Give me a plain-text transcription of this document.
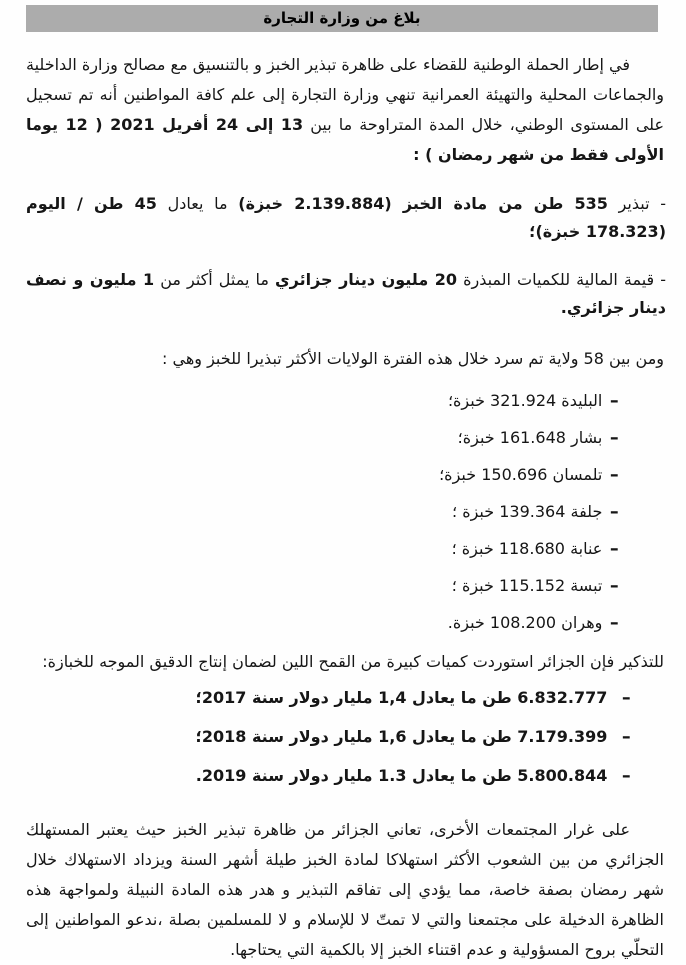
بلاغ من وزارة التجارة

في إطار الحملة الوطنية للقضاء على ظاهرة تبذير الخبز و بالتنسيق مع مصالح وزارة الداخلية والجماعات المحلية والتهيئة العمرانية تنهي وزارة التجارة إلى علم كافة المواطنين أنه تم تسجيل على المستوى الوطني، خلال المدة المتراوحة ما بين 13 إلى 24 أفريل 2021 ( 12 يوما الأولى فقط من شهر رمضان ) :

- تبذير 535 طن من مادة الخبز (2.139.884 خبزة) ما يعادل 45 طن / اليوم (178.323 خبزة)؛

- قيمة المالية للكميات المبذرة 20 مليون دينار جزائري ما يمثل أكثر من 1 مليون و نصف دينار جزائري.

ومن بين 58 ولاية تم سرد خلال هذه الفترة الولايات الأكثر تبذيرا للخبز وهي :

-
البليدة 321.924 خبزة؛
-
بشار 161.648 خبزة؛
-
تلمسان 150.696 خبزة؛
-
جلفة 139.364 خبزة ؛
-
عنابة 118.680 خبزة ؛
-
تبسة 115.152 خبزة ؛
-
وهران 108.200 خبزة.

للتذكير فإن الجزائر استوردت كميات كبيرة من القمح اللين لضمان إنتاج الدقيق الموجه للخبازة:

-
6.832.777 طن ما يعادل 1,4 مليار دولار سنة 2017؛
-
7.179.399 طن ما يعادل 1,6 مليار دولار سنة 2018؛
-
5.800.844 طن ما يعادل 1.3 مليار دولار سنة 2019.

على غرار المجتمعات الأخرى، تعاني الجزائر من ظاهرة تبذير الخبز حيث يعتبر المستهلك الجزائري من بين الشعوب الأكثر استهلاكا لمادة الخبز طيلة أشهر السنة ويزداد الاستهلاك خلال شهر رمضان بصفة خاصة، مما يؤدي إلى تفاقم التبذير و هدر هذه المادة النبيلة ولمواجهة هذه الظاهرة الدخيلة على مجتمعنا والتي لا تمتّ لا للإسلام و لا للمسلمين بصلة ،ندعو المواطنين إلى التحلّي بروح المسؤولية و عدم اقتناء الخبز إلا بالكمية التي يحتاجها.
